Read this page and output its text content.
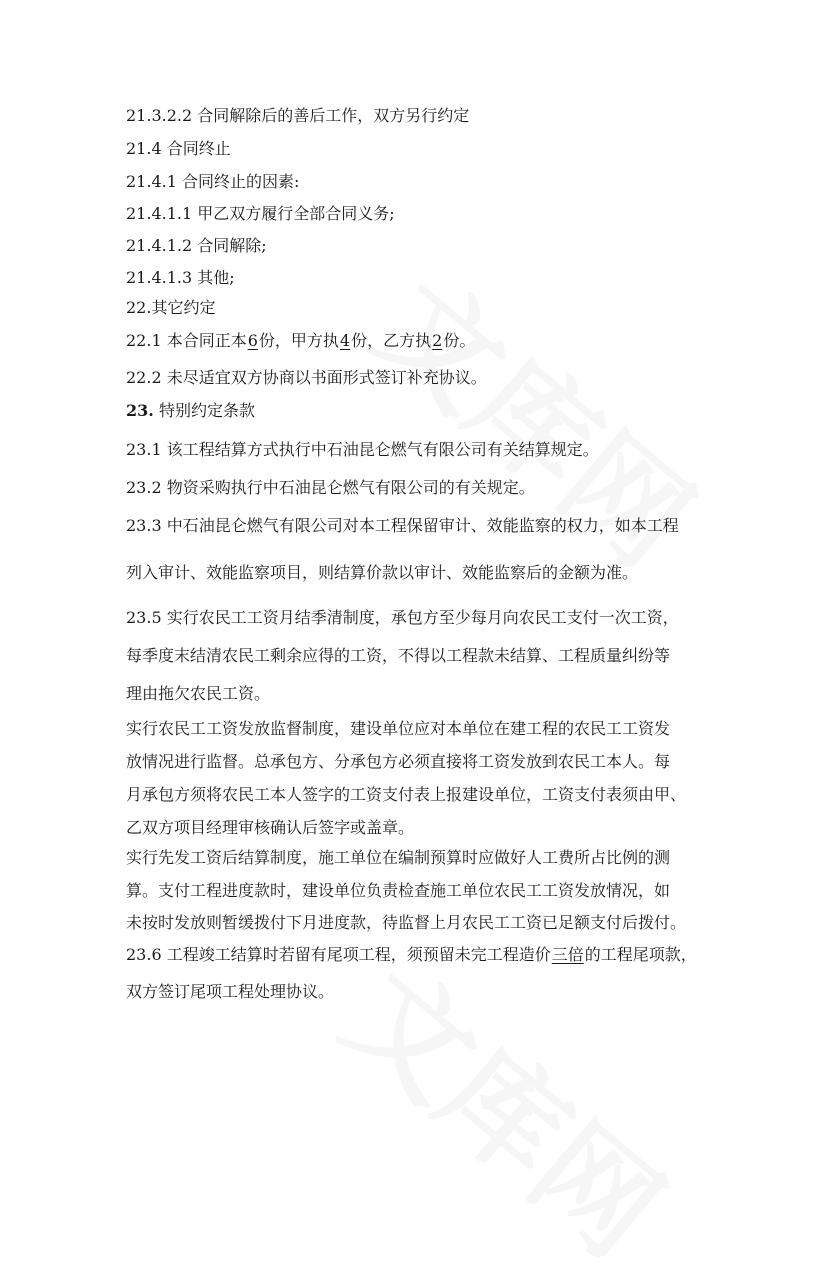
21.3.2.2 合同解除后的善后工作，双方另行约定
21.4 合同终止
21.4.1 合同终止的因素:
21.4.1.1 甲乙双方履行全部合同义务;
21.4.1.2 合同解除;
21.4.1.3 其他;
22.其它约定
22.1 本合同正本6份，甲方执4份，乙方执2份。
22.2 未尽适宜双方协商以书面形式签订补充协议。
23. 特别约定条款
23.1 该工程结算方式执行中石油昆仑燃气有限公司有关结算规定。
23.2 物资采购执行中石油昆仑燃气有限公司的有关规定。
23.3 中石油昆仑燃气有限公司对本工程保留审计、效能监察的权力，如本工程
列入审计、效能监察项目，则结算价款以审计、效能监察后的金额为准。
23.5 实行农民工工资月结季清制度，承包方至少每月向农民工支付一次工资，
每季度末结清农民工剩余应得的工资，不得以工程款未结算、工程质量纠纷等
理由拖欠农民工资。
实行农民工工资发放监督制度，建设单位应对本单位在建工程的农民工工资发
放情况进行监督。总承包方、分承包方必须直接将工资发放到农民工本人。每
月承包方须将农民工本人签字的工资支付表上报建设单位，工资支付表须由甲、
乙双方项目经理审核确认后签字或盖章。
实行先发工资后结算制度，施工单位在编制预算时应做好人工费所占比例的测
算。支付工程进度款时，建设单位负责检查施工单位农民工工资发放情况，如
未按时发放则暂缓拨付下月进度款，待监督上月农民工工资已足额支付后拨付。
23.6 工程竣工结算时若留有尾项工程，须预留未完工程造价三倍的工程尾项款，
双方签订尾项工程处理协议。
